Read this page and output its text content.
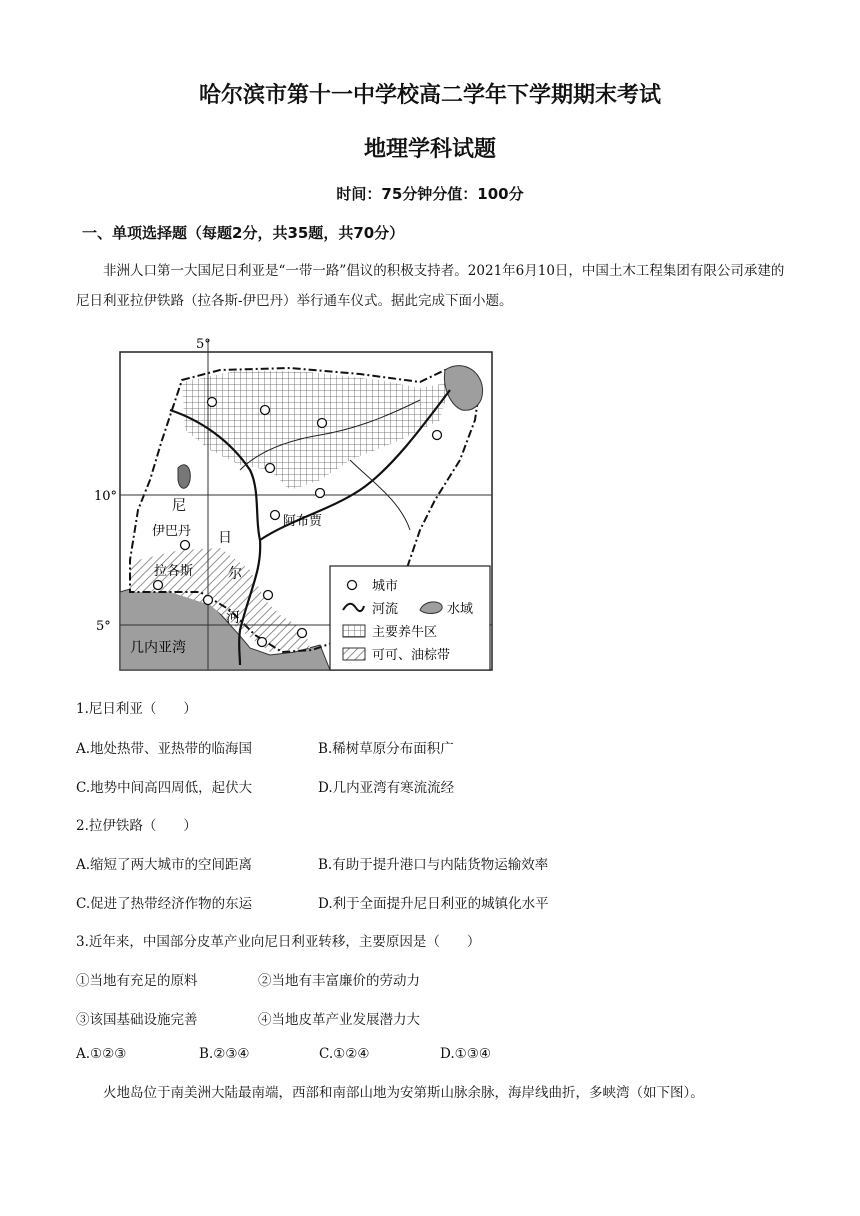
哈尔滨市第十一中学校高二学年下学期期末考试
地理学科试题
时间：75分钟分值：100分
一、单项选择题（每题2分，共35题，共70分）
非洲人口第一大国尼日利亚是“一带一路”倡议的积极支持者。2021年6月10日，中国土木工程集团有限公司承建的尼日利亚拉伊铁路（拉各斯-伊巴丹）举行通车仪式。据此完成下面小题。
5°
10°
5°
阿布贾
伊巴丹
拉各斯
尼
日
尔
河
几内亚湾
城市
河流	水域
主要养牛区
可可、油棕带
1.尼日利亚（　　）
A.地处热带、亚热带的临海国	B.稀树草原分布面积广
C.地势中间高四周低，起伏大	D.几内亚湾有寒流流经
2.拉伊铁路（　　）
A.缩短了两大城市的空间距离	B.有助于提升港口与内陆货物运输效率
C.促进了热带经济作物的东运	D.利于全面提升尼日利亚的城镇化水平
3.近年来，中国部分皮革产业向尼日利亚转移，主要原因是（　　）
①当地有充足的原料	②当地有丰富廉价的劳动力
③该国基础设施完善	④当地皮革产业发展潜力大
A.①②③	B.②③④	C.①②④	D.①③④
火地岛位于南美洲大陆最南端，西部和南部山地为安第斯山脉余脉，海岸线曲折，多峡湾（如下图）。
